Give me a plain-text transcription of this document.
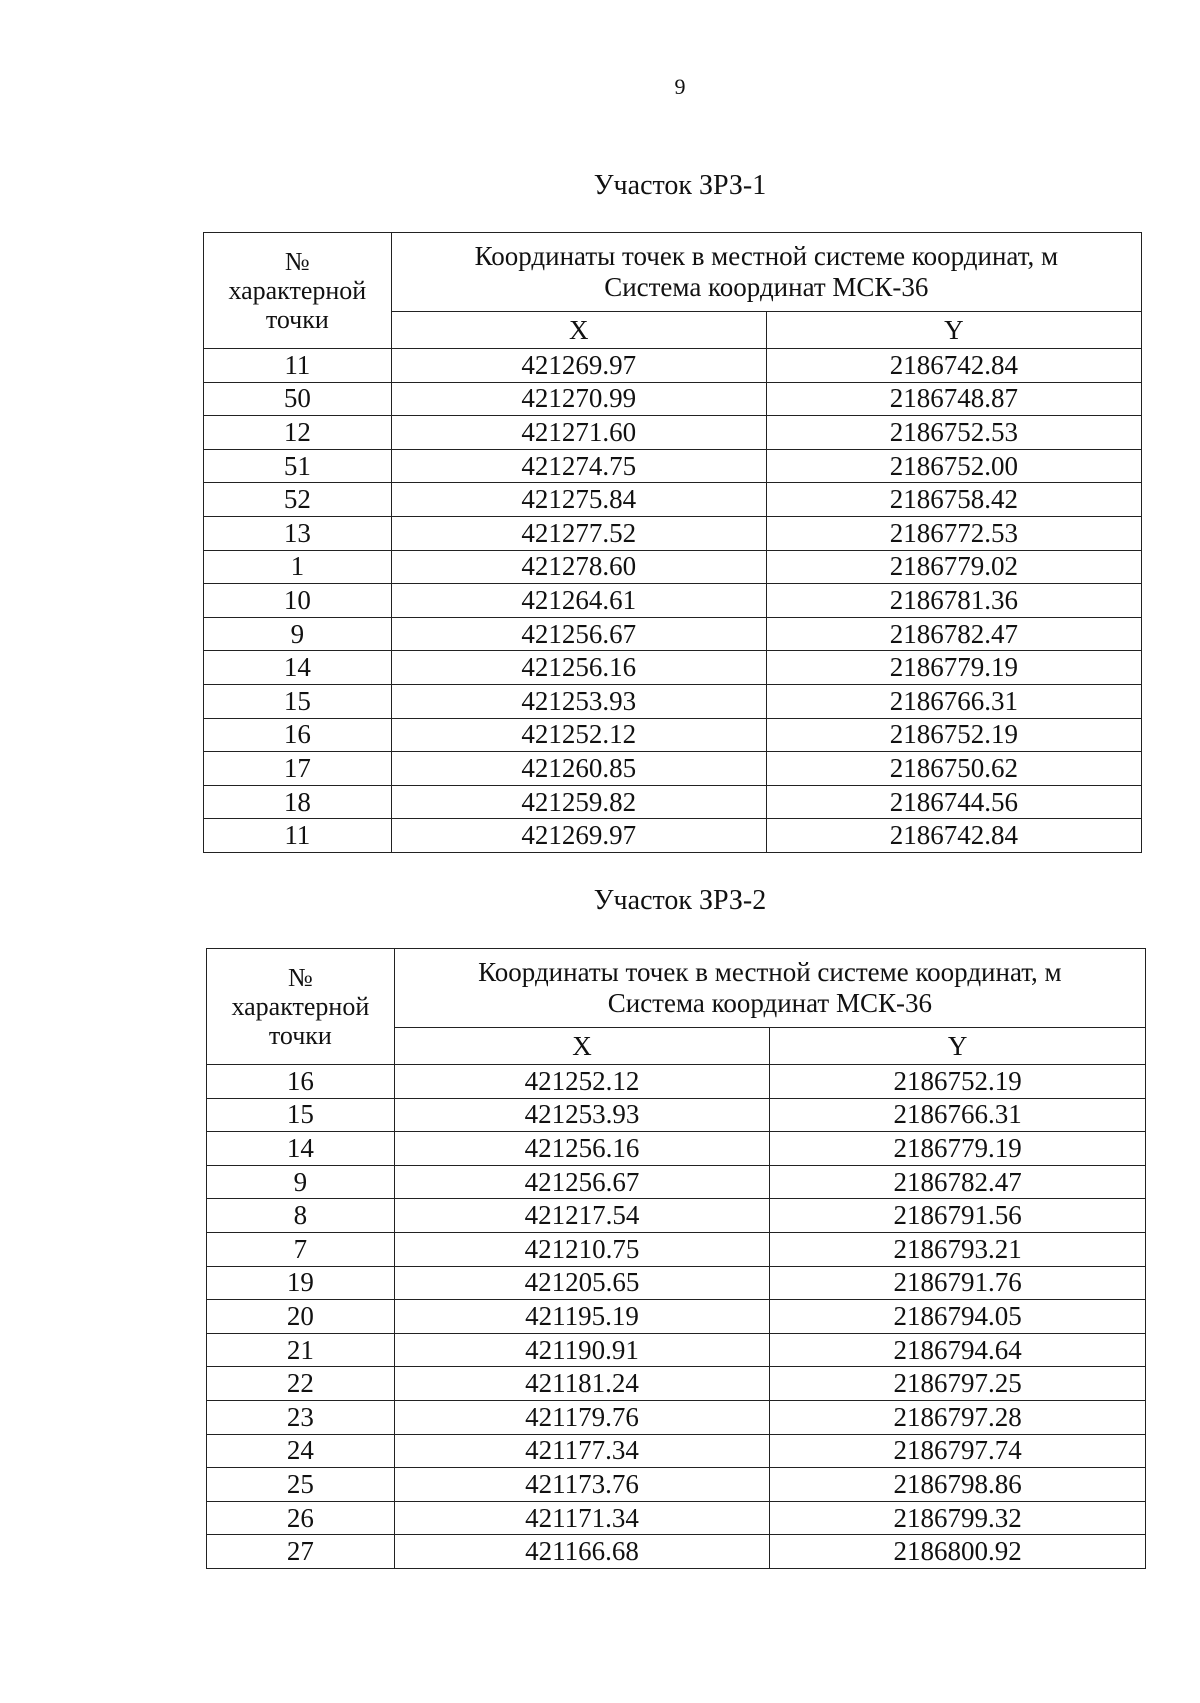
9
Участок ЗРЗ-1
№
характерной
точки	Координаты точек в местной системе координат, м
Система координат МСК-36	
	X	Y
11	421269.97	2186742.84
50	421270.99	2186748.87
12	421271.60	2186752.53
51	421274.75	2186752.00
52	421275.84	2186758.42
13	421277.52	2186772.53
1	421278.60	2186779.02
10	421264.61	2186781.36
9	421256.67	2186782.47
14	421256.16	2186779.19
15	421253.93	2186766.31
16	421252.12	2186752.19
17	421260.85	2186750.62
18	421259.82	2186744.56
11	421269.97	2186742.84
Участок ЗРЗ-2
№
характерной
точки	Координаты точек в местной системе координат, м
Система координат МСК-36	
	X	Y
16	421252.12	2186752.19
15	421253.93	2186766.31
14	421256.16	2186779.19
9	421256.67	2186782.47
8	421217.54	2186791.56
7	421210.75	2186793.21
19	421205.65	2186791.76
20	421195.19	2186794.05
21	421190.91	2186794.64
22	421181.24	2186797.25
23	421179.76	2186797.28
24	421177.34	2186797.74
25	421173.76	2186798.86
26	421171.34	2186799.32
27	421166.68	2186800.92
